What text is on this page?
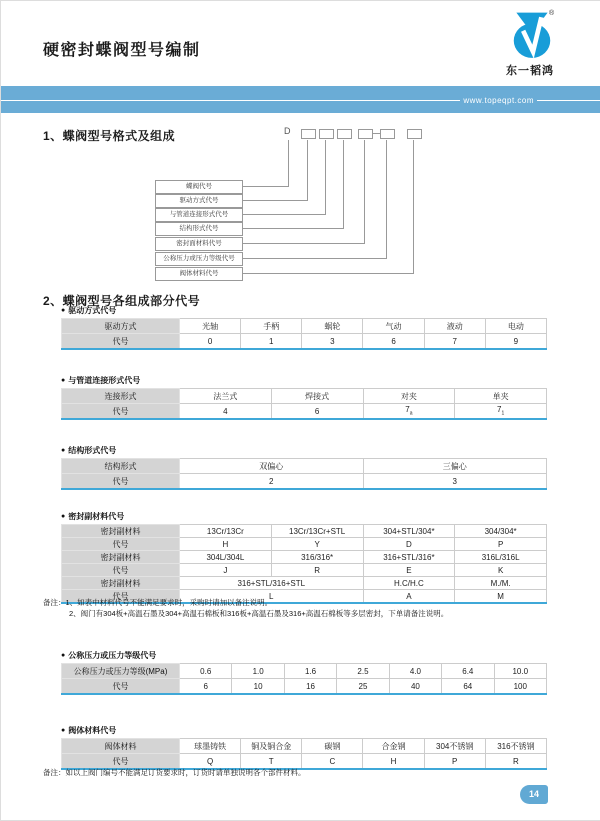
硬密封蝶阀型号编制
®
东一韬鸿
www.topeqpt.com
1、蝶阀型号格式及组成	D
蝶阀代号
驱动方式代号
与管道连接形式代号
结构形式代号
密封面材料代号
公称压力或压力等级代号
阀体材料代号
2、蝶阀型号各组成部分代号
● 驱动方式代号
驱动方式	光轴	手柄	蜗轮	气动	液动	电动
代号	0	1	3	6	7	9
● 与管道连接形式代号
连接形式	法兰式	焊接式	对夹	单夹
代号	4	6	$7_a$	$7_1$
● 结构形式代号
结构形式	双偏心	三偏心
代号	2	3
● 密封副材料代号
密封副材料	13Cr/13Cr	13Cr/13Cr+STL	304+STL/304*	304/304*
代号	H	Y	D	P
密封副材料	304L/304L	316/316*	316+STL/316*	316L/316L
代号	J	R	E	K
密封副材料	316+STL/316+STL		H.C/H.C	M./M.
代号	L		A	M
备注：1、如表中材料代号不能满足要求时，采购时请加以备注说明。
2、阀门有304板+高温石墨及304+高温石棉板和316板+高温石墨及316+高温石棉板等多层密封，下单请备注说明。
● 公称压力或压力等级代号
公称压力或压力等级(MPa)	0.6	1.0	1.6	2.5	4.0	6.4	10.0
代号	6	10	16	25	40	64	100
● 阀体材料代号
阀体材料	球墨铸铁	铜及铜合金	碳钢	合金钢	304不锈钢	316不锈钢
代号	Q	T	C	H	P	R
备注：如以上阀门编号不能满足订货要求时，订货时请单独说明各个部件材料。
14
